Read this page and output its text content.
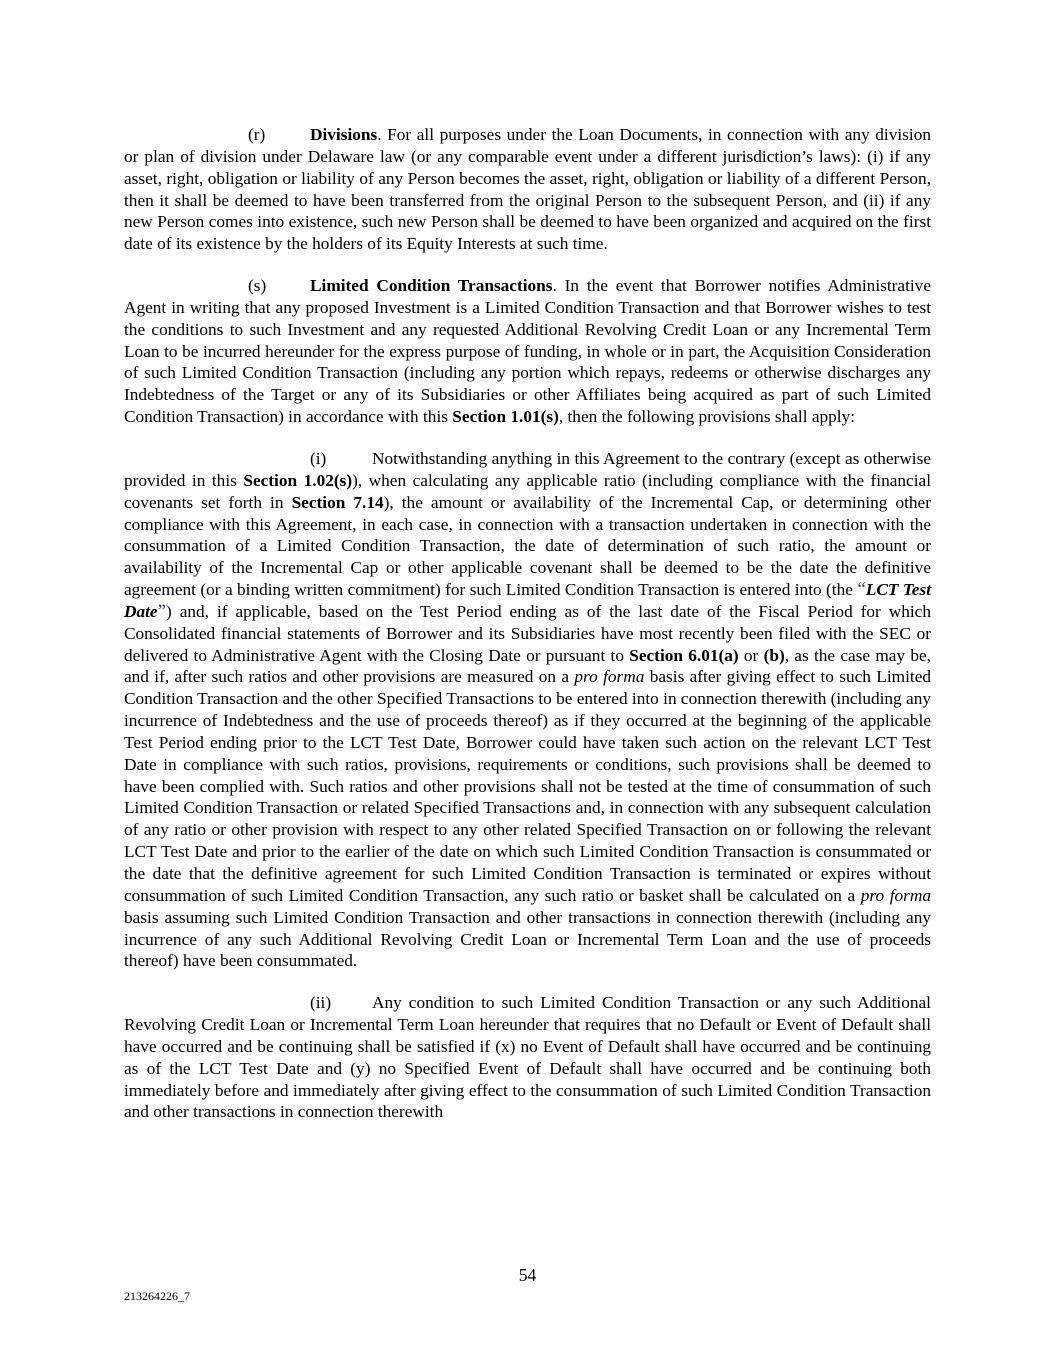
(r)	Divisions. For all purposes under the Loan Documents, in connection with any division or plan of division under Delaware law (or any comparable event under a different jurisdiction’s laws): (i) if any asset, right, obligation or liability of any Person becomes the asset, right, obligation or liability of a different Person, then it shall be deemed to have been transferred from the original Person to the subsequent Person, and (ii) if any new Person comes into existence, such new Person shall be deemed to have been organized and acquired on the first date of its existence by the holders of its Equity Interests at such time.
(s)	Limited Condition Transactions. In the event that Borrower notifies Administrative Agent in writing that any proposed Investment is a Limited Condition Transaction and that Borrower wishes to test the conditions to such Investment and any requested Additional Revolving Credit Loan or any Incremental Term Loan to be incurred hereunder for the express purpose of funding, in whole or in part, the Acquisition Consideration of such Limited Condition Transaction (including any portion which repays, redeems or otherwise discharges any Indebtedness of the Target or any of its Subsidiaries or other Affiliates being acquired as part of such Limited Condition Transaction) in accordance with this Section 1.01(s), then the following provisions shall apply:
(i)	Notwithstanding anything in this Agreement to the contrary (except as otherwise provided in this Section 1.02(s)), when calculating any applicable ratio (including compliance with the financial covenants set forth in Section 7.14), the amount or availability of the Incremental Cap, or determining other compliance with this Agreement, in each case, in connection with a transaction undertaken in connection with the consummation of a Limited Condition Transaction, the date of determination of such ratio, the amount or availability of the Incremental Cap or other applicable covenant shall be deemed to be the date the definitive agreement (or a binding written commitment) for such Limited Condition Transaction is entered into (the “LCT Test Date”) and, if applicable, based on the Test Period ending as of the last date of the Fiscal Period for which Consolidated financial statements of Borrower and its Subsidiaries have most recently been filed with the SEC or delivered to Administrative Agent with the Closing Date or pursuant to Section 6.01(a) or (b), as the case may be, and if, after such ratios and other provisions are measured on a pro forma basis after giving effect to such Limited Condition Transaction and the other Specified Transactions to be entered into in connection therewith (including any incurrence of Indebtedness and the use of proceeds thereof) as if they occurred at the beginning of the applicable Test Period ending prior to the LCT Test Date, Borrower could have taken such action on the relevant LCT Test Date in compliance with such ratios, provisions, requirements or conditions, such provisions shall be deemed to have been complied with. Such ratios and other provisions shall not be tested at the time of consummation of such Limited Condition Transaction or related Specified Transactions and, in connection with any subsequent calculation of any ratio or other provision with respect to any other related Specified Transaction on or following the relevant LCT Test Date and prior to the earlier of the date on which such Limited Condition Transaction is consummated or the date that the definitive agreement for such Limited Condition Transaction is terminated or expires without consummation of such Limited Condition Transaction, any such ratio or basket shall be calculated on a pro forma basis assuming such Limited Condition Transaction and other transactions in connection therewith (including any incurrence of any such Additional Revolving Credit Loan or Incremental Term Loan and the use of proceeds thereof) have been consummated.
(ii) Any condition to such Limited Condition Transaction or any such Additional Revolving Credit Loan or Incremental Term Loan hereunder that requires that no Default or Event of Default shall have occurred and be continuing shall be satisfied if (x) no Event of Default shall have occurred and be continuing as of the LCT Test Date and (y) no Specified Event of Default shall have occurred and be continuing both immediately before and immediately after giving effect to the consummation of such Limited Condition Transaction and other transactions in connection therewith
54
213264226_7
